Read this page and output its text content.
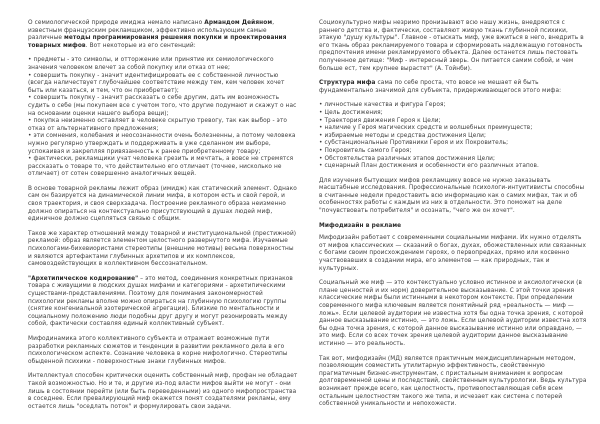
О семиологической природе имиджа немало написано Армандом Дейяном, известным французским рекламщиком, эффективно использующим самые различные методы программирования решения покупки и проектирования товарных мифов. Вот некоторые из его сентенций:

• предметы - это символы, и отторжение или принятие их семиологического значения человеком влечет за собой покупку или отказ от нее;
• совершить покупку - значит идентифицировать ее с собственной личностью (всегда наличествует глубочайшее соответствие между тем, кем человек хочет быть или казаться, и тем, что он приобретает);
• совершить покупку - значит рассказать о себе другим, дать им возможность судить о себе (мы покупаем все с учетом того, что другие подумают и скажут о нас на основании оценки нашего выбора вещи);
• покупка неизменно оставляет в человеке скрытую тревогу, так как выбор - это отказ от альтернативного предложения;
• эти сомнения, колебания и неосознанности очень болезненны, а потому человека нужно регулярно утверждать и поддерживать в уже сделанном им выборе, успокаивая и закрепляя привязанность к ранее приобретенному товару;
• фактически, рекламщики учат человека грезить и мечтать, а вовсе не стремятся рассказать о товаре то, что действительно его отличает (точнее, нисколько не отличает) от сотен совершенно аналогичных вещей.

В основе товарной рекламы лежит образ (имидж) как статический элемент. Однако сам он базируется на динамической линии мифа, в котором есть и свой герой, и своя траектория, и своя сверхзадача. Построение рекламного образа неизменно должно опираться на контекстуально присутствующий в душах людей миф, единичное должно сцепляться связью с общим.

Таков же характер отношений между товарной и институциональной (престижной) рекламой: образ является элементом целостного развернутого мифа. Изучаемые психологами-бихевиористами стереотипы (внешние мотивы) весьма поверхностны и являются артефактами глубинных архетипов и их комплексов, самовоздействующих в коллективном бессознательном.

"Архетипическое кодирование" – это метод, соединения конкретных признаков товара с живущими в людских душах мифами и категориями - архетипическими существами-представлениями. Поэтому для понимания закономерностей психологии рекламы вполне можно опираться на глубинную психологию группы (снятие конгениальной эзотерической агрегации). Близкие по ментальности и социальному положению люди подобны друг другу и могут резонировать между собой, фактически составляя единый коллективный субъект.

Мифодинамика этого коллективного субъекта и отражает возможные пути разработки рекламных сюжетов и тенденции в развитии рекламного дела в его психологическом аспекте. Сознание человека в корне мифологично. Стереотипы обыденной психики - поверхностные знаки глубинных мифов.

Интеллектуал способен критически оценить собственный миф, профан не обладает такой возможностью. Но и те, и другие из-под власти мифов выйти не могут - они лишь в состоянии перейти (или быть переведенными) из одного мифопространства в соседнее. Если превалирующий миф окажется понят создателями рекламы, ему остается лишь "оседлать поток" и формулировать свои задачи.

Социокультурно мифы незримо пронизывают всю нашу жизнь, внедряются с раннего детства и, фактически, составляют живую ткань глубинной психики, этакую "душу культуры". Главное - отыскать миф, уже вжиться в него, внедрить в его ткань образ рекламируемого товара и сформировать надлежащую готовность предпочтения имени рекламируемого объекта. Далее останется лишь пестовать полученное детище: "Миф - интересный зверь. Он питается самим собой, и чем больше ест, тем крупнее вырастет" (А. Тойнби).

Структура мифа сама по себе проста, что вовсе не мешает ей быть фундаментально значимой для субъекта, придерживающегося этого мифа:

• личностные качества и фигура Героя;
• Цель достижения;
• Траектория движения Героя к Цели;
• наличие у Героя магических средств и волшебных преимуществ;
• избираемые методы и средства достижения Цели;
• субстанциональные Противники Героя и их Покровитель;
• Покровитель самого Героя;
• Обстоятельства различных этапов достижения Цели;
• сценарный План достижения и особенности его различных этапов.

Для изучения бытующих мифов рекламщику вовсе не нужно заказывать масштабные исследования. Профессиональные психологи-интуитивисты способны в считанные недели предоставить всю информацию как о самих мифах, так и об особенностях работы с каждым из них в отдельности. Это поможет на деле "почувствовать потребителя" и осознать, "чего же он хочет".

Мифодизайн в рекламе

Мифодизайн работает с современными социальными мифами. Их нужно отделять от мифов классических — сказаний о богах, духах, обожествленных или связанных с богами своим происхождением героях, о первопредках, прямо или косвенно участвовавших в создании мира, его элементов — как природных, так и культурных.

Социальный же миф — это контекстуально условно истинное и аксиологически (в плане ценностей и их норм) доверительное высказывание. С этой точки зрения классические мифы были истинными в некотором контексте. При определении современного мифа ключевым является понятийный ряд «реальность — миф — ложь». Если целевой аудитории не известна хотя бы одна точка зрения, с которой данное высказывание истинно, — это ложь. Если целевой аудитории известна хотя бы одна точка зрения, с которой данное высказывание истинно или оправдано, — это миф. Если со всех точек зрения целевой аудитории данное высказывание истинно — это реальность.

Так вот, мифодизайн (МД) является практичным междисциплинарным методом, позволяющим совместить утилитарную эффективность, свойственную прагматичным бизнес-инструментам, с пристальным вниманием к вопросам долговременной цены и последствий, свойственным культурологии. Ведь культура возникает прежде всего, как целостность, противопоставляющая себя всем остальным целостностям такого же типа, и исчезает как система с потерей собственной уникальности и непохожести.
